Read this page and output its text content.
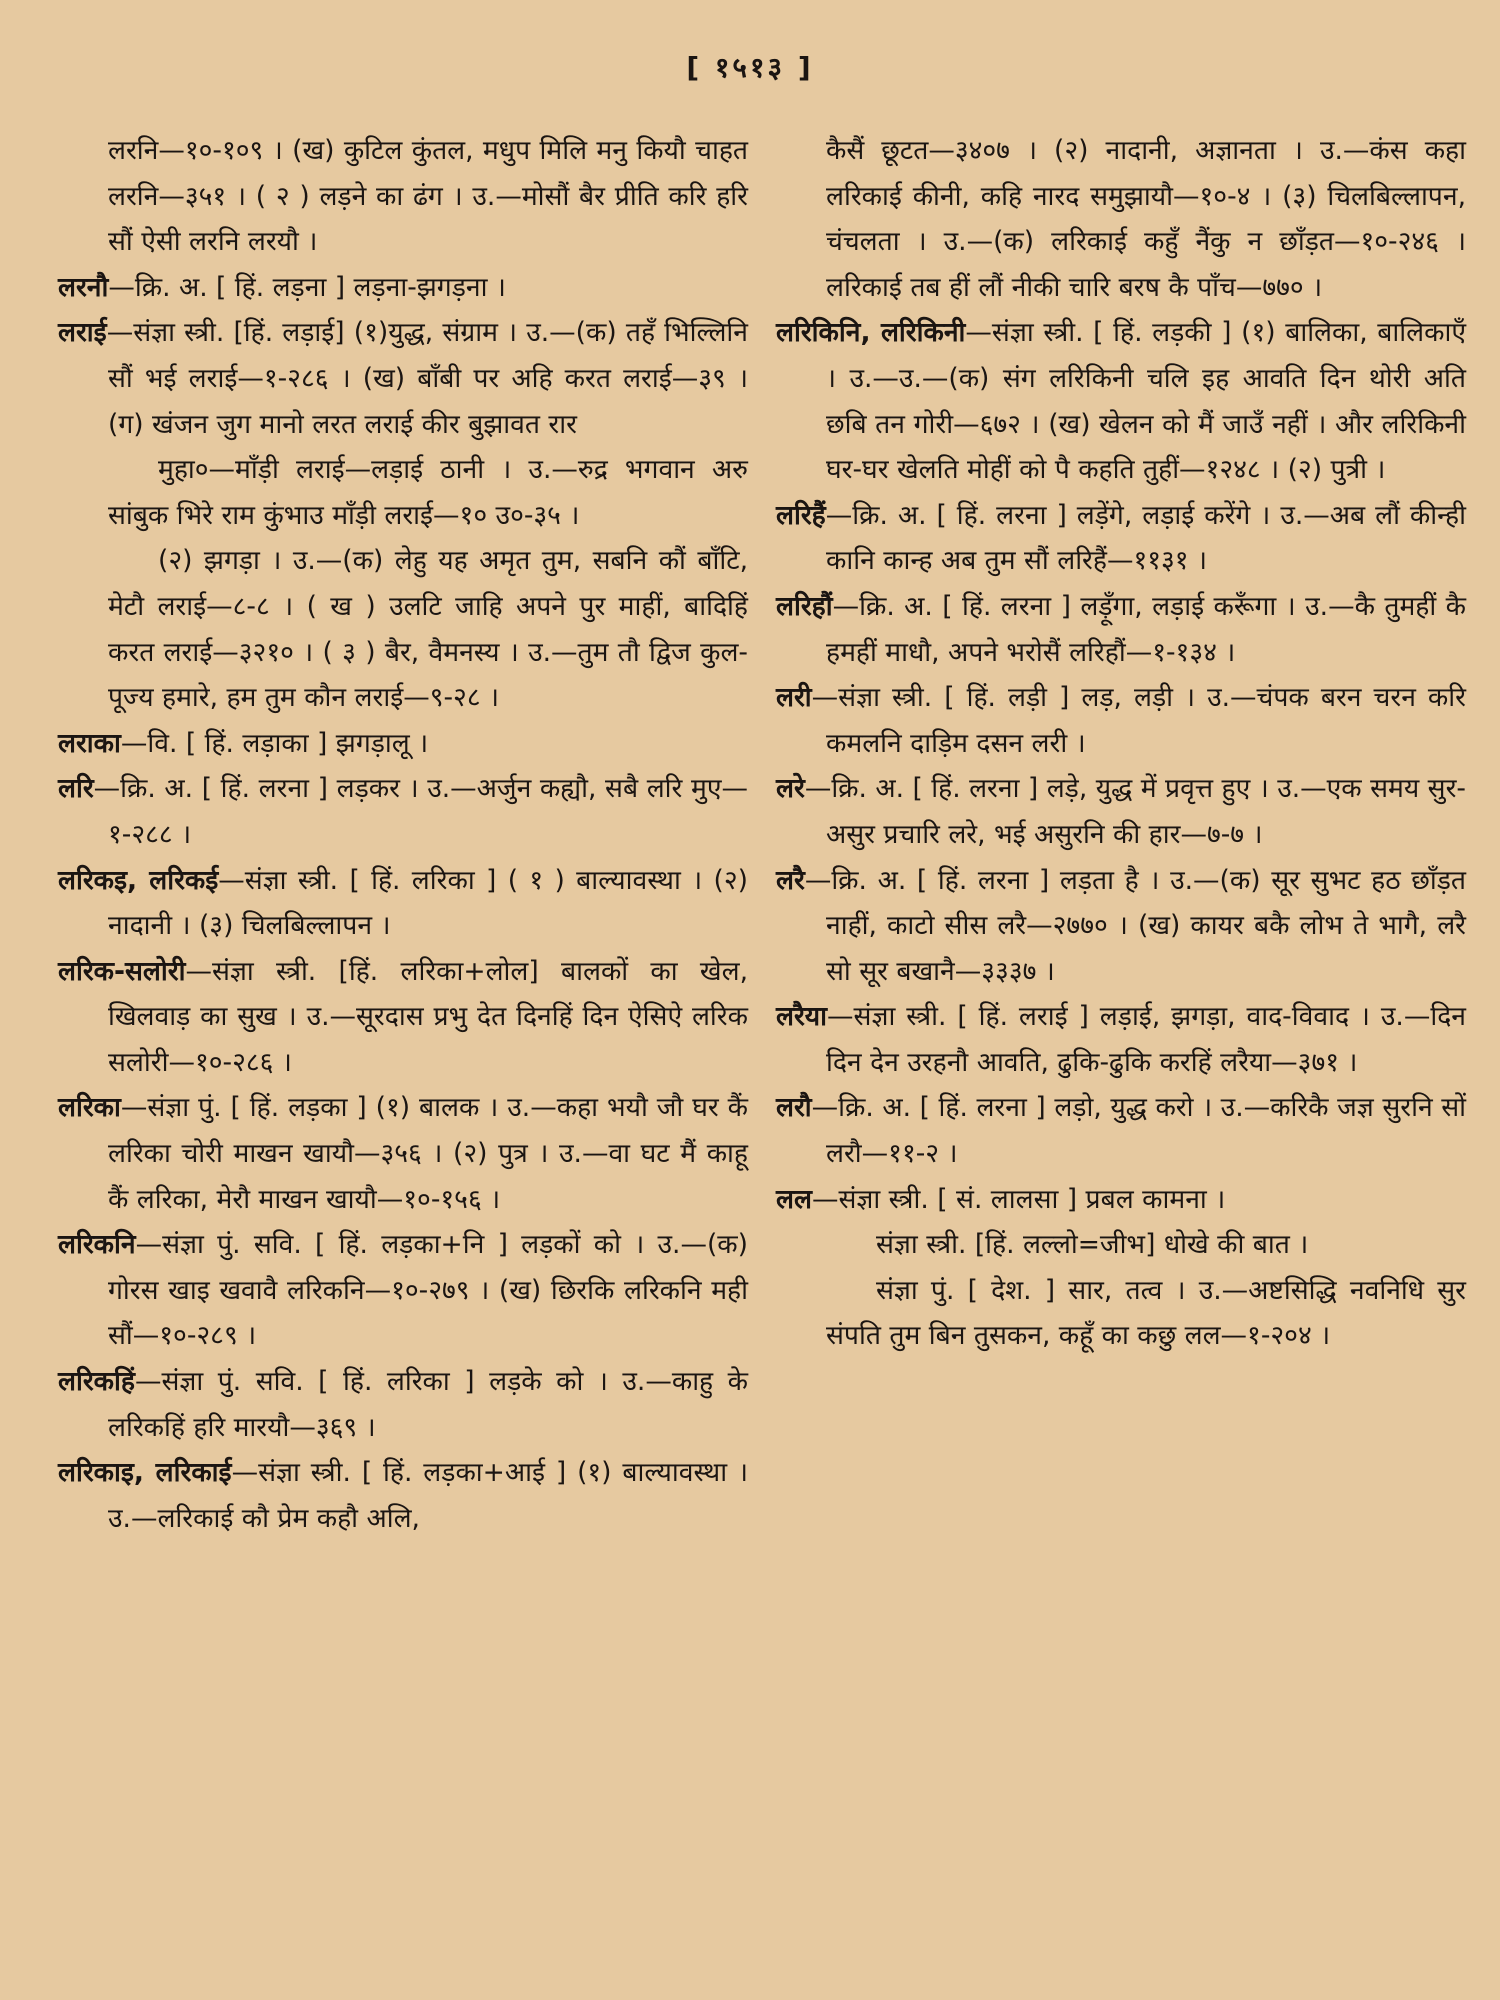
[ १५१३ ]

लरनि—१०-१०९ । (ख) कुटिल कुंतल, मधुप मिलि मनु कियौ चाहत लरनि—३५१ । ( २ ) लड़ने का ढंग । उ.—मोसौं बैर प्रीति करि हरि सौं ऐसी लरनि लरयौ ।

लरनौ—क्रि. अ. [ हिं. लड़ना ] लड़ना-झगड़ना ।

लराई—संज्ञा स्त्री. [हिं. लड़ाई] (१)युद्ध, संग्राम । उ.—(क) तहँ भिल्लिनि सौं भई लराई—१-२८६ । (ख) बाँबी पर अहि करत लराई—३९ । (ग) खंजन जुग मानो लरत लराई कीर बुझावत रार

मुहा०—माँड़ी लराई—लड़ाई ठानी । उ.—रुद्र भगवान अरु सांबुक भिरे राम कुंभाउ माँड़ी लराई—१० उ०-३५ ।

(२) झगड़ा । उ.—(क) लेहु यह अमृत तुम, सबनि कौं बाँटि, मेटौ लराई—८-८ । ( ख ) उलटि जाहि अपने पुर माहीं, बादिहिं करत लराई—३२१० । ( ३ ) बैर, वैमनस्य । उ.—तुम तौ द्विज कुल-पूज्य हमारे, हम तुम कौन लराई—९-२८ ।

लराका—वि. [ हिं. लड़ाका ] झगड़ालू ।

लरि—क्रि. अ. [ हिं. लरना ] लड़कर । उ.—अर्जुन कह्यौ, सबै लरि मुए—१-२८८ ।

लरिकइ, लरिकई—संज्ञा स्त्री. [ हिं. लरिका ] ( १ ) बाल्यावस्था । (२) नादानी । (३) चिलबिल्लापन ।

लरिक-सलोरी—संज्ञा स्त्री. [हिं. लरिका+लोल] बालकों का खेल, खिलवाड़ का सुख । उ.—सूरदास प्रभु देत दिनहिं दिन ऐसिऐ लरिक सलोरी—१०-२८६ ।

लरिका—संज्ञा पुं. [ हिं. लड़का ] (१) बालक । उ.—कहा भयौ जौ घर कैं लरिका चोरी माखन खायौ—३५६ । (२) पुत्र । उ.—वा घट मैं काहू कैं लरिका, मेरौ माखन खायौ—१०-१५६ ।

लरिकनि—संज्ञा पुं. सवि. [ हिं. लड़का+नि ] लड़कों को । उ.—(क) गोरस खाइ खवावै लरिकनि—१०-२७९ । (ख) छिरकि लरिकनि मही सौं—१०-२८९ ।

लरिकहिं—संज्ञा पुं. सवि. [ हिं. लरिका ] लड़के को । उ.—काहु के लरिकहिं हरि मारयौ—३६९ ।

लरिकाइ, लरिकाई—संज्ञा स्त्री. [ हिं. लड़का+आई ] (१) बाल्यावस्था । उ.—लरिकाई कौ प्रेम कहौ अलि,

कैसैं छूटत—३४०७ । (२) नादानी, अज्ञानता । उ.—कंस कहा लरिकाई कीनी, कहि नारद समुझायौ—१०-४ । (३) चिलबिल्लापन, चंचलता । उ.—(क) लरिकाई कहुँ नैंकु न छाँड़त—१०-२४६ । लरिकाई तब हीं लौं नीकी चारि बरष कै पाँच—७७० ।

लरिकिनि, लरिकिनी—संज्ञा स्त्री. [ हिं. लड़की ] (१) बालिका, बालिकाएँ । उ.—उ.—(क) संग लरिकिनी चलि इह आवति दिन थोरी अति छबि तन गोरी—६७२ । (ख) खेलन को मैं जाउँ नहीं । और लरिकिनी घर-घर खेलति मोहीं को पै कहति तुहीं—१२४८ । (२) पुत्री ।

लरिहैं—क्रि. अ. [ हिं. लरना ] लड़ेंगे, लड़ाई करेंगे । उ.—अब लौं कीन्ही कानि कान्ह अब तुम सौं लरिहैं—११३१ ।

लरिहौं—क्रि. अ. [ हिं. लरना ] लड़ूँगा, लड़ाई करूँगा । उ.—कै तुमहीं कै हमहीं माधौ, अपने भरोसैं लरिहौं—१-१३४ ।

लरी—संज्ञा स्त्री. [ हिं. लड़ी ] लड़, लड़ी । उ.—चंपक बरन चरन करि कमलनि दाड़िम दसन लरी ।

लरे—क्रि. अ. [ हिं. लरना ] लड़े, युद्ध में प्रवृत्त हुए । उ.—एक समय सुर-असुर प्रचारि लरे, भई असुरनि की हार—७-७ ।

लरै—क्रि. अ. [ हिं. लरना ] लड़ता है । उ.—(क) सूर सुभट हठ छाँड़त नाहीं, काटो सीस लरै—२७७० । (ख) कायर बकै लोभ ते भागै, लरै सो सूर बखानै—३३३७ ।

लरैया—संज्ञा स्त्री. [ हिं. लराई ] लड़ाई, झगड़ा, वाद-विवाद । उ.—दिन दिन देन उरहनौ आवति, ढुकि-ढुकि करहिं लरैया—३७१ ।

लरौ—क्रि. अ. [ हिं. लरना ] लड़ो, युद्ध करो । उ.—करिकै जज्ञ सुरनि सों लरौ—११-२ ।

लल—संज्ञा स्त्री. [ सं. लालसा ] प्रबल कामना ।

संज्ञा स्त्री. [हिं. लल्लो=जीभ] धोखे की बात ।

संज्ञा पुं. [ देश. ] सार, तत्व । उ.—अष्टसिद्धि नवनिधि सुर संपति तुम बिन तुसकन, कहूँ का कछु लल—१-२०४ ।
